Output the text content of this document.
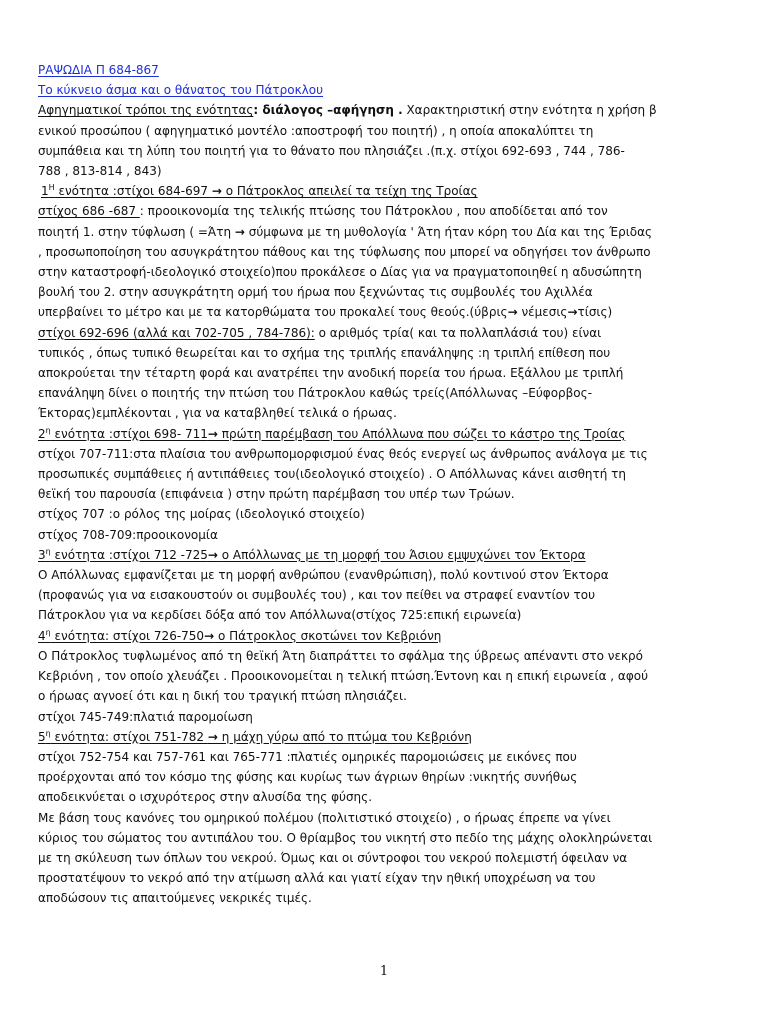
ΡΑΨΩΔΙΑ Π 684-867
Το κύκνειο άσμα και ο θάνατος του Πάτροκλου
Αφηγηματικοί τρόποι της ενότητας: διάλογος –αφήγηση . Χαρακτηριστική στην ενότητα η χρήση β
ενικού προσώπου ( αφηγηματικό μοντέλο :αποστροφή του ποιητή) , η οποία αποκαλύπτει τη
συμπάθεια και τη λύπη του ποιητή για το θάνατο που πλησιάζει .(π.χ. στίχοι 692-693 , 744 , 786-
788 , 813-814 , 843)
$1^H$ ενότητα :στίχοι 684-697 → ο Πάτροκλος απειλεί τα τείχη της Τροίας
στίχος 686 -687 : προοικονομία της τελικής πτώσης του Πάτροκλου , που αποδίδεται από τον
ποιητή 1. στην τύφλωση ( =Άτη → σύμφωνα με τη μυθολογία ' Άτη ήταν κόρη του Δία και της Έριδας
, προσωποποίηση του ασυγκράτητου πάθους και της τύφλωσης που μπορεί να οδηγήσει τον άνθρωπο
στην καταστροφή-ιδεολογικό στοιχείο)που προκάλεσε ο Δίας για να πραγματοποιηθεί η αδυσώπητη
βουλή του 2. στην ασυγκράτητη ορμή του ήρωα που ξεχνώντας τις συμβουλές του Αχιλλέα
υπερβαίνει το μέτρο και με τα κατορθώματα του προκαλεί τους θεούς.(ύβρις→ νέμεσις→τίσις)
στίχοι 692-696 (αλλά και 702-705 , 784-786): ο αριθμός τρία( και τα πολλαπλάσιά του) είναι
τυπικός , όπως τυπικό θεωρείται και το σχήμα της τριπλής επανάληψης :η τριπλή επίθεση που
αποκρούεται την τέταρτη φορά και ανατρέπει την ανοδική πορεία του ήρωα. Εξάλλου με τριπλή
επανάληψη δίνει ο ποιητής την πτώση του Πάτροκλου καθώς τρείς(Απόλλωνας –Εύφορβος-
Έκτορας)εμπλέκονται , για να καταβληθεί τελικά ο ήρωας.
$2^\eta$ ενότητα :στίχοι 698- 711→ πρώτη παρέμβαση του Απόλλωνα που σώζει το κάστρο της Τροίας
στίχοι 707-711:στα πλαίσια του ανθρωπομορφισμού ένας θεός ενεργεί ως άνθρωπος ανάλογα με τις
προσωπικές συμπάθειες ή αντιπάθειες του(ιδεολογικό στοιχείο) . Ο Απόλλωνας κάνει αισθητή τη
θεϊκή του παρουσία (επιφάνεια ) στην πρώτη παρέμβαση του υπέρ των Τρώων.
στίχος 707 :ο ρόλος της μοίρας (ιδεολογικό στοιχείο)
στίχος 708-709:προοικονομία
$3^\eta$ ενότητα :στίχοι 712 -725→ ο Απόλλωνας με τη μορφή του Άσιου εμψυχώνει τον Έκτορα
Ο Απόλλωνας εμφανίζεται με τη μορφή ανθρώπου (ενανθρώπιση), πολύ κοντινού στον Έκτορα
(προφανώς για να εισακουστούν οι συμβουλές του) , και τον πείθει να στραφεί εναντίον του
Πάτροκλου για να κερδίσει δόξα από τον Απόλλωνα(στίχος 725:επική ειρωνεία)
$4^\eta$ ενότητα: στίχοι 726-750→ ο Πάτροκλος σκοτώνει τον Κεβριόνη
Ο Πάτροκλος τυφλωμένος από τη θεϊκή Άτη διαπράττει το σφάλμα της ύβρεως απέναντι στο νεκρό
Κεβριόνη , τον οποίο χλευάζει . Προοικονομείται η τελική πτώση.Έντονη και η επική ειρωνεία , αφού
ο ήρωας αγνοεί ότι και η δική του τραγική πτώση πλησιάζει.
στίχοι 745-749:πλατιά παρομοίωση
$5^\eta$ ενότητα: στίχοι 751-782 → η μάχη γύρω από το πτώμα του Κεβριόνη
στίχοι 752-754 και 757-761 και 765-771 :πλατιές ομηρικές παρομοιώσεις με εικόνες που
προέρχονται από τον κόσμο της φύσης και κυρίως των άγριων θηρίων :νικητής συνήθως
αποδεικνύεται ο ισχυρότερος στην αλυσίδα της φύσης.
Με βάση τους κανόνες του ομηρικού πολέμου (πολιτιστικό στοιχείο) , ο ήρωας έπρεπε να γίνει
κύριος του σώματος του αντιπάλου του. Ο θρίαμβος του νικητή στο πεδίο της μάχης ολοκληρώνεται
με τη σκύλευση των όπλων του νεκρού. Όμως και οι σύντροφοι του νεκρού πολεμιστή όφειλαν να
προστατέψουν το νεκρό από την ατίμωση αλλά και γιατί είχαν την ηθική υποχρέωση να του
αποδώσουν τις απαιτούμενες νεκρικές τιμές.
1
